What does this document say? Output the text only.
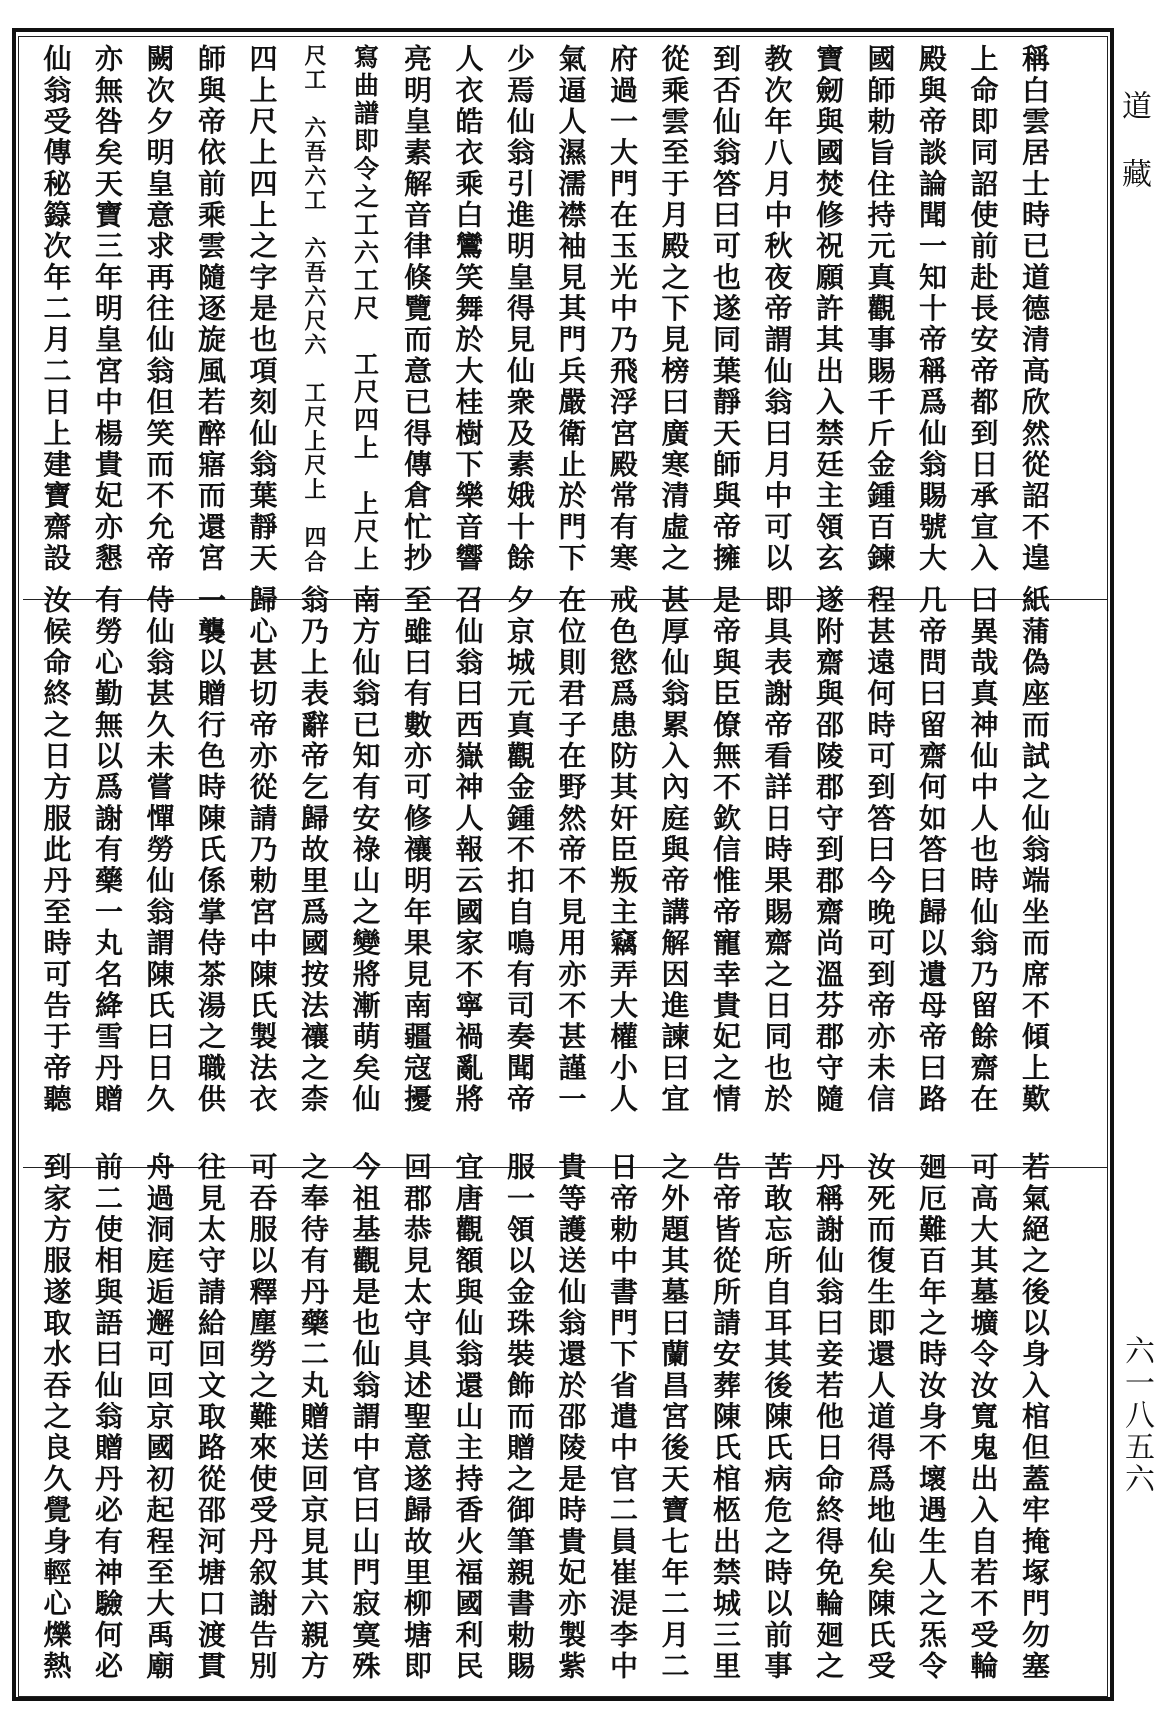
道藏
六一八五六
稱白雲居士時已道德清高欣然從詔不遑
上命即同詔使前赴長安帝都到日承宣入
殿與帝談論聞一知十帝稱爲仙翁賜號大
國師勅旨住持元真觀事賜千斤金鍾百鍊
寶劒與國焚修祝願許其出入禁廷主領玄
教次年八月中秋夜帝謂仙翁曰月中可以
到否仙翁答曰可也遂同葉靜天師與帝擁
從乘雲至于月殿之下見榜曰廣寒清虛之
府過一大門在玉光中乃飛浮宮殿常有寒
氣逼人濕濡襟袖見其門兵嚴衛止於門下
少焉仙翁引進明皇得見仙衆及素娥十餘
人衣皓衣乘白鸞笑舞於大桂樹下樂音響
亮明皇素解音律倏覽而意已得傳倉忙抄
寫曲譜即令之工六工尺　工尺四上　上尺上
尺工　六吾六工　六吾六尺六　工尺上尺上　四合
四上尺上四上之字是也項刻仙翁葉靜天
師與帝依前乘雲隨逐旋風若醉寤而還宮
闕次夕明皇意求再往仙翁但笑而不允帝
亦無咎矣天寶三年明皇宮中楊貴妃亦懇
仙翁受傳秘籙次年二月二日上建寶齋設
紙蒲偽座而試之仙翁端坐而席不傾上歎
曰異哉真神仙中人也時仙翁乃留餘齋在
几帝問曰留齋何如答曰歸以遺母帝曰路
程甚遠何時可到答曰今晚可到帝亦未信
遂附齋與邵陵郡守到郡齋尚溫芬郡守隨
即具表謝帝看詳日時果賜齋之日同也於
是帝與臣僚無不欽信惟帝寵幸貴妃之情
甚厚仙翁累入內庭與帝講解因進諫曰宜
戒色慾爲患防其奸臣叛主竊弄大權小人
在位則君子在野然帝不見用亦不甚謹一
夕京城元真觀金鍾不扣自鳴有司奏聞帝
召仙翁曰西嶽神人報云國家不寧禍亂將
至雖曰有數亦可修禳明年果見南疆寇擾
南方仙翁已知有安祿山之變將漸萌矣仙
翁乃上表辭帝乞歸故里爲國按法禳之柰
歸心甚切帝亦從請乃勅宮中陳氏製法衣
一襲以贈行色時陳氏係掌侍茶湯之職供
侍仙翁甚久未嘗憚勞仙翁謂陳氏曰日久
有勞心勤無以爲謝有藥一丸名絳雪丹贈
汝候命終之日方服此丹至時可告于帝聽
若氣絕之後以身入棺但蓋牢掩塚門勿塞
可高大其墓壙令汝寬鬼出入自若不受輪
廻厄難百年之時汝身不壞遇生人之炁令
汝死而復生即還人道得爲地仙矣陳氏受
丹稱謝仙翁曰妾若他日命終得免輪廻之
苦敢忘所自耳其後陳氏病危之時以前事
告帝皆從所請安葬陳氏棺柩出禁城三里
之外題其墓曰蘭昌宮後天寶七年二月二
日帝勅中書門下省遣中官二員崔湜李中
貴等護送仙翁還於邵陵是時貴妃亦製紫
服一領以金珠裝飾而贈之御筆親書勅賜
宜唐觀額與仙翁還山主持香火福國利民
回郡恭見太守具述聖意遂歸故里柳塘即
今祖基觀是也仙翁謂中官曰山門寂寞殊
之奉待有丹藥二丸贈送回京見其六親方
可吞服以釋塵勞之難來使受丹叙謝告別
往見太守請給回文取路從邵河塘口渡貫
舟過洞庭逅邂可回京國初起程至大禹廟
前二使相與語曰仙翁贈丹必有神驗何必
到家方服遂取水吞之良久覺身輕心爍熱
